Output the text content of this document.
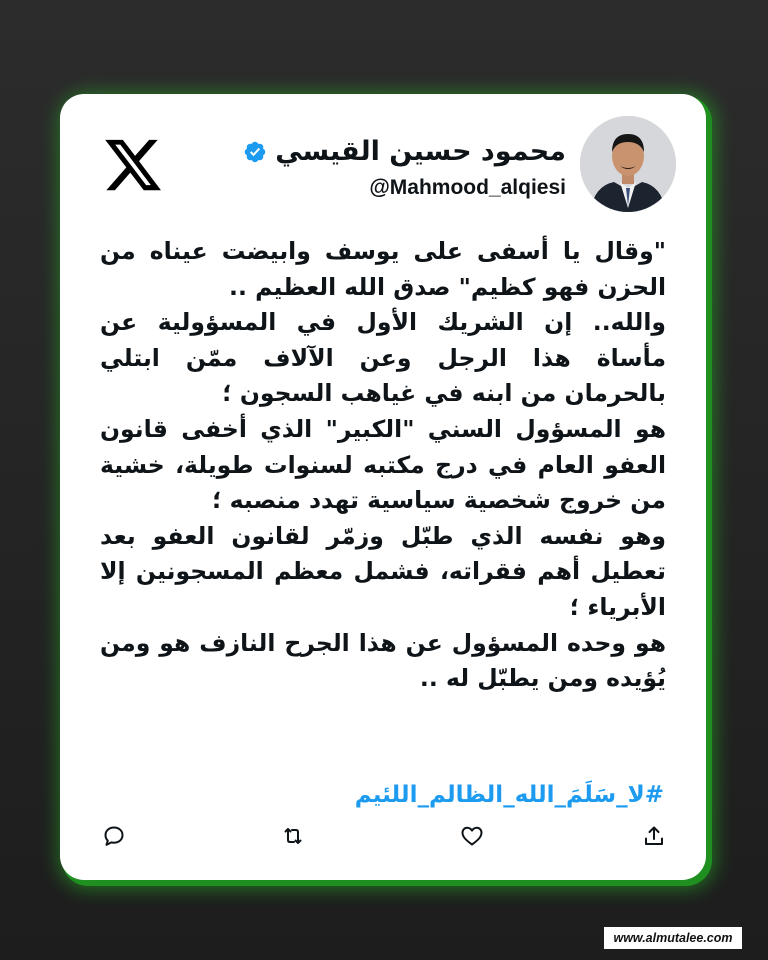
محمود حسين القيسي
@Mahmood_alqiesi

"وقال يا أسفى على يوسف وابيضت عيناه من الحزن فهو كظيم" صدق الله العظيم ..

والله.. إن الشريك الأول في المسؤولية عن مأساة هذا الرجل وعن الآلاف ممّن ابتلي بالحرمان من ابنه في غياهب السجون ؛

هو المسؤول السني "الكبير" الذي أخفى قانون العفو العام في درج مكتبه لسنوات طويلة، خشية من خروج شخصية سياسية تهدد منصبه ؛

وهو نفسه الذي طبّل وزمّر لقانون العفو بعد تعطيل أهم فقراته، فشمل معظم المسجونين إلا الأبرياء ؛

هو وحده المسؤول عن هذا الجرح النازف هو ومن يُؤيده ومن يطبّل له ..

#لا_سَلَمَ_الله_الظالم_اللئيم
www.almutalee.com
